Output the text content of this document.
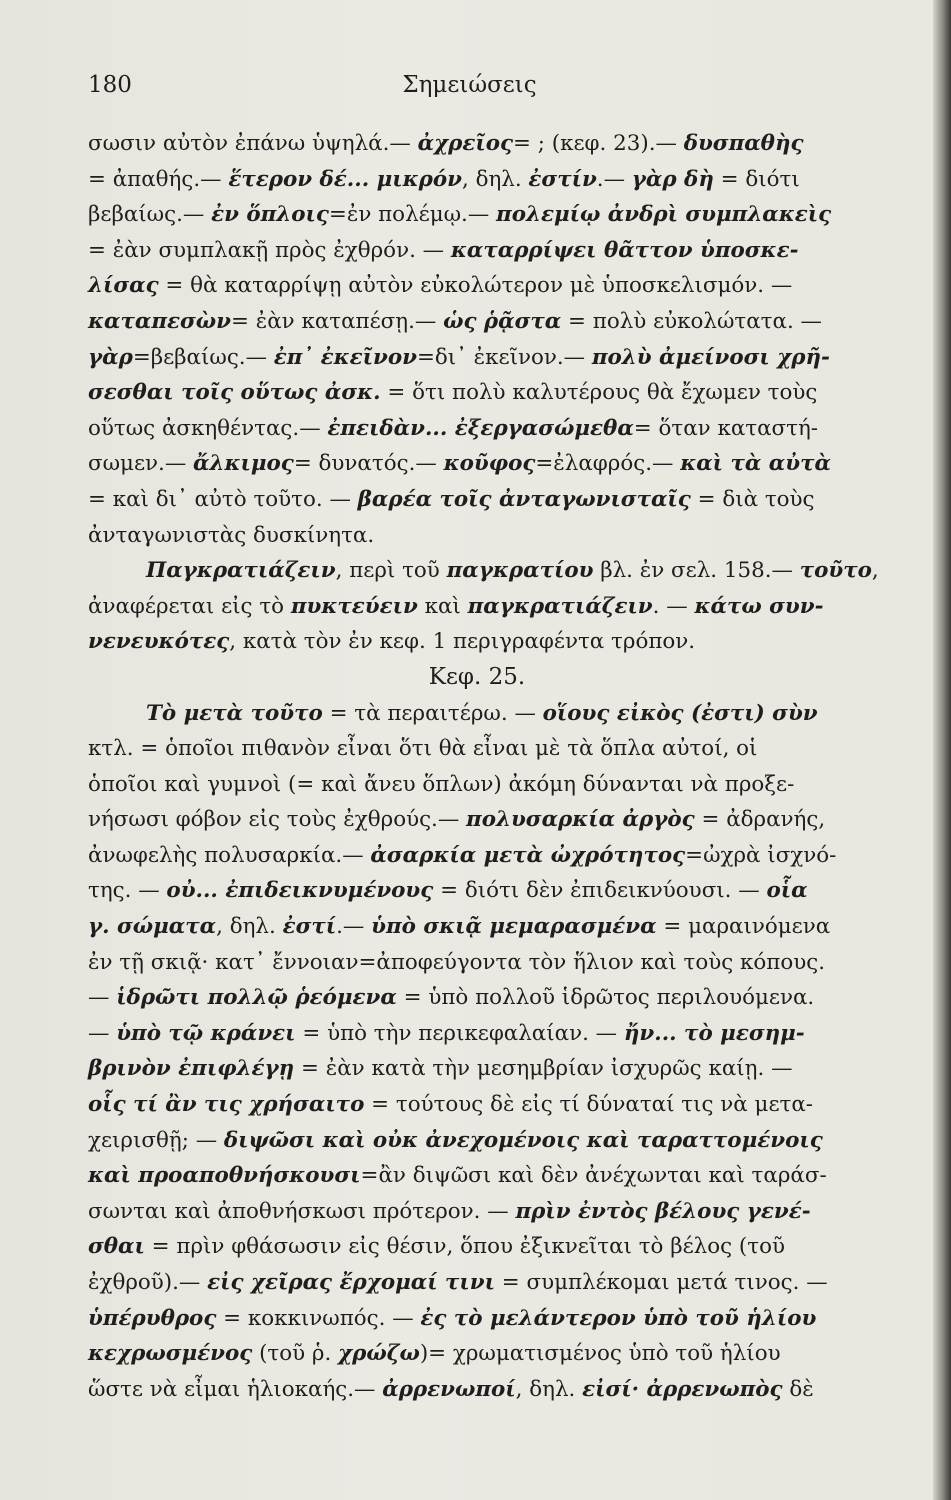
180	Σημειώσεις
σωσιν αὐτὸν ἐπάνω ὑψηλά.— ἀχρεῖος= ; (κεφ. 23).— δυσπαθὴς
= ἀπαθής.— ἕτερον δέ... μικρόν, δηλ. ἐστίν.— γὰρ δὴ = διότι
βεβαίως.— ἐν ὅπλοις=ἐν πολέμῳ.— πολεμίῳ ἀνδρὶ συμπλακεὶς
= ἐὰν συμπλακῇ πρὸς ἐχθρόν. — καταρρίψει θᾶττον ὑποσκε-
λίσας = θὰ καταρρίψῃ αὐτὸν εὐκολώτερον μὲ ὑποσκελισμόν. —
καταπεσὼν= ἐὰν καταπέσῃ.— ὡς ῥᾷστα = πολὺ εὐκολώτατα. —
γὰρ=βεβαίως.— ἐπ᾽ ἐκεῖνον=δι᾽ ἐκεῖνον.— πολὺ ἀμείνοσι χρῆ-
σεσθαι τοῖς οὕτως ἀσκ. = ὅτι πολὺ καλυτέρους θὰ ἔχωμεν τοὺς
οὕτως ἀσκηθέντας.— ἐπειδὰν... ἐξεργασώμεθα= ὅταν καταστή-
σωμεν.— ἄλκιμος= δυνατός.— κοῦφος=ἐλαφρός.— καὶ τὰ αὐτὰ
= καὶ δι᾽ αὐτὸ τοῦτο. — βαρέα τοῖς ἀνταγωνισταῖς = διὰ τοὺς
ἀνταγωνιστὰς δυσκίνητα.
Παγκρατιάζειν, περὶ τοῦ παγκρατίου βλ. ἐν σελ. 158.— τοῦτο,
ἀναφέρεται εἰς τὸ πυκτεύειν καὶ παγκρατιάζειν. — κάτω συν-
νενευκότες, κατὰ τὸν ἐν κεφ. 1 περιγραφέντα τρόπον.
Κεφ. 25.
Τὸ μετὰ τοῦτο = τὰ περαιτέρω. — οἵους εἰκὸς (ἐστι) σὺν
κτλ. = ὁποῖοι πιθανὸν εἶναι ὅτι θὰ εἶναι μὲ τὰ ὅπλα αὐτοί, οἱ
ὁποῖοι καὶ γυμνοὶ (= καὶ ἄνευ ὅπλων) ἀκόμη δύνανται νὰ προξε-
νήσωσι φόβον εἰς τοὺς ἐχθρούς.— πολυσαρκία ἀργὸς = ἀδρανής,
ἀνωφελὴς πολυσαρκία.— ἀσαρκία μετὰ ὠχρότητος=ὠχρὰ ἰσχνό-
της. — οὐ... ἐπιδεικνυμένους = διότι δὲν ἐπιδεικνύουσι. — οἷα
γ. σώματα, δηλ. ἐστί.— ὑπὸ σκιᾷ μεμαρασμένα = μαραινόμενα
ἐν τῇ σκιᾷ· κατ᾽ ἔννοιαν=ἀποφεύγοντα τὸν ἥλιον καὶ τοὺς κόπους.
— ἱδρῶτι πολλῷ ῥεόμενα = ὑπὸ πολλοῦ ἱδρῶτος περιλουόμενα.
— ὑπὸ τῷ κράνει = ὑπὸ τὴν περικεφαλαίαν. — ἤν... τὸ μεσημ-
βρινὸν ἐπιφλέγῃ = ἐὰν κατὰ τὴν μεσημβρίαν ἰσχυρῶς καίῃ. —
οἷς τί ἂν τις χρήσαιτο = τούτους δὲ εἰς τί δύναταί τις νὰ μετα-
χειρισθῇ; — διψῶσι καὶ οὐκ ἀνεχομένοις καὶ ταραττομένοις
καὶ προαποθνήσκουσι=ἂν διψῶσι καὶ δὲν ἀνέχωνται καὶ ταράσ-
σωνται καὶ ἀποθνήσκωσι πρότερον. — πρὶν ἐντὸς βέλους γενέ-
σθαι = πρὶν φθάσωσιν εἰς θέσιν, ὅπου ἐξικνεῖται τὸ βέλος (τοῦ
ἐχθροῦ).— εἰς χεῖρας ἔρχομαί τινι = συμπλέκομαι μετά τινος. —
ὑπέρυθρος = κοκκινωπός. — ἐς τὸ μελάντερον ὑπὸ τοῦ ἡλίου
κεχρωσμένος (τοῦ ῥ. χρώζω)= χρωματισμένος ὑπὸ τοῦ ἡλίου
ὥστε νὰ εἶμαι ἡλιοκαής.— ἀρρενωποί, δηλ. εἰσί· ἀρρενωπὸς δὲ
